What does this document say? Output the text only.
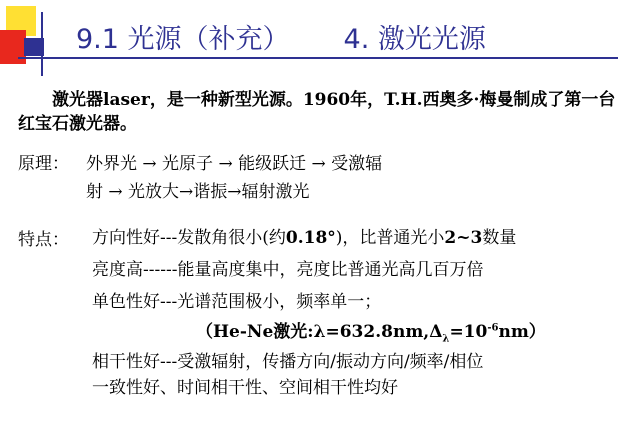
9.1 光源（补充） 4. 激光光源
激光器laser，是一种新型光源。1960年，T.H.西奥多·梅曼制成了第一台红宝石激光器。
原理： 外界光 → 光原子 → 能级跃迁 → 受激辐
射 → 光放大→谐振→辐射激光
特点： 方向性好---发散角很小(约0.18°)，比普通光小2~3数量
亮度高------能量高度集中，亮度比普通光高几百万倍
单色性好---光谱范围极小，频率单一；
（He-Ne激光$:\lambda=632.8nm,\Delta_\lambda=10^{-6}nm$）
相干性好---受激辐射，传播方向/振动方向/频率/相位
一致性好、时间相干性、空间相干性均好
